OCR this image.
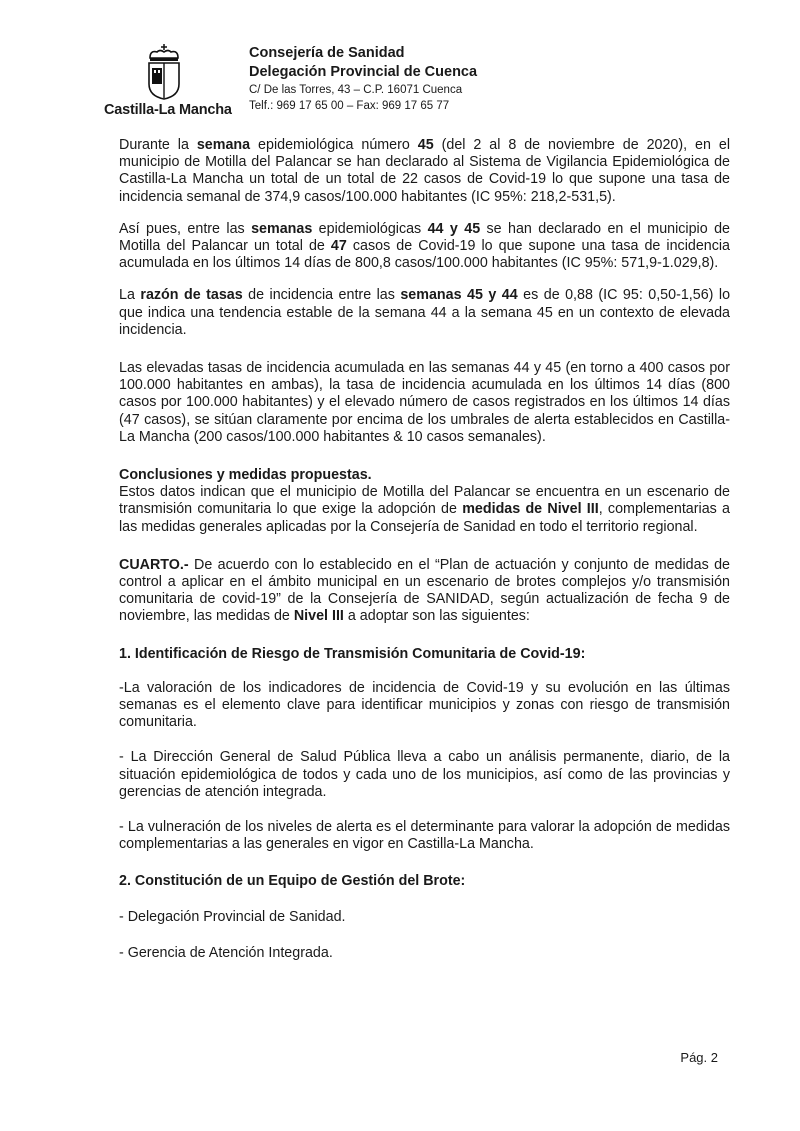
Castilla-La Mancha
Consejería de Sanidad
Delegación Provincial de Cuenca
C/ De las Torres, 43 – C.P. 16071 Cuenca
Telf.: 969 17 65 00 – Fax: 969 17 65 77

Durante la semana epidemiológica número 45 (del 2 al 8 de noviembre de 2020), en el municipio de Motilla del Palancar se han declarado al Sistema de Vigilancia Epidemiológica de Castilla-La Mancha un total de un total de 22 casos de Covid-19 lo que supone una tasa de incidencia semanal de 374,9 casos/100.000 habitantes (IC 95%: 218,2-531,5).

Así pues, entre las semanas epidemiológicas 44 y 45 se han declarado en el municipio de Motilla del Palancar un total de 47 casos de Covid-19 lo que supone una tasa de incidencia acumulada en los últimos 14 días de 800,8 casos/100.000 habitantes (IC 95%: 571,9-1.029,8).

La razón de tasas de incidencia entre las semanas 45 y 44 es de 0,88 (IC 95: 0,50-1,56) lo que indica una tendencia estable de la semana 44 a la semana 45 en un contexto de elevada incidencia.

Las elevadas tasas de incidencia acumulada en las semanas 44 y 45 (en torno a 400 casos por 100.000 habitantes en ambas), la tasa de incidencia acumulada en los últimos 14 días (800 casos por 100.000 habitantes) y el elevado número de casos registrados en los últimos 14 días (47 casos), se sitúan claramente por encima de los umbrales de alerta establecidos en Castilla-La Mancha (200 casos/100.000 habitantes & 10 casos semanales).

Conclusiones y medidas propuestas.

Estos datos indican que el municipio de Motilla del Palancar se encuentra en un escenario de transmisión comunitaria lo que exige la adopción de medidas de Nivel III, complementarias a las medidas generales aplicadas por la Consejería de Sanidad en todo el territorio regional.

CUARTO.- De acuerdo con lo establecido en el “Plan de actuación y conjunto de medidas de control a aplicar en el ámbito municipal en un escenario de brotes complejos y/o transmisión comunitaria de covid-19” de la Consejería de SANIDAD, según actualización de fecha 9 de noviembre, las medidas de Nivel III a adoptar son las siguientes:

1. Identificación de Riesgo de Transmisión Comunitaria de Covid-19:

-La valoración de los indicadores de incidencia de Covid-19 y su evolución en las últimas semanas es el elemento clave para identificar municipios y zonas con riesgo de transmisión comunitaria.

- La Dirección General de Salud Pública lleva a cabo un análisis permanente, diario, de la situación epidemiológica de todos y cada uno de los municipios, así como de las provincias y gerencias de atención integrada.

- La vulneración de los niveles de alerta es el determinante para valorar la adopción de medidas complementarias a las generales en vigor en Castilla-La Mancha.

2. Constitución de un Equipo de Gestión del Brote:

- Delegación Provincial de Sanidad.

- Gerencia de Atención Integrada.

Pág. 2
